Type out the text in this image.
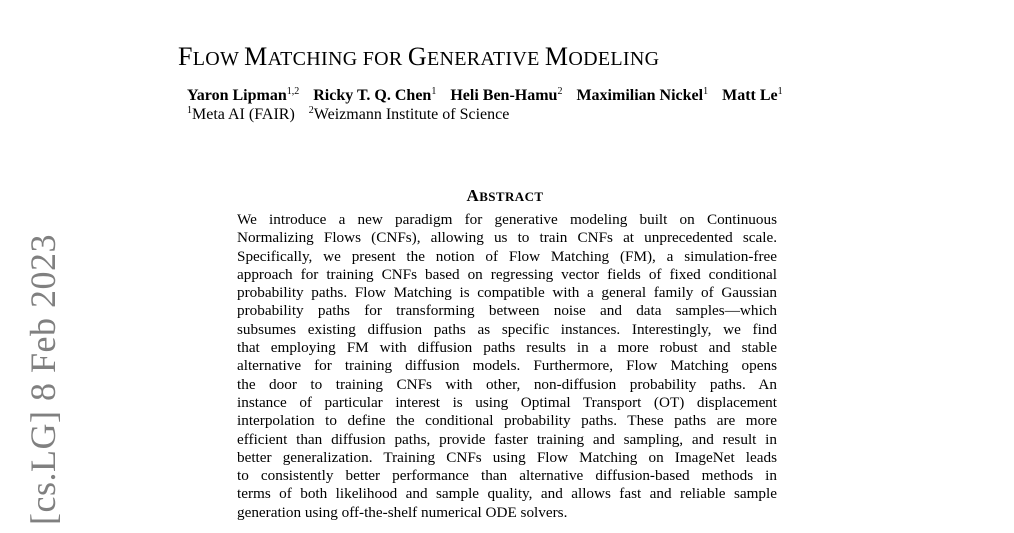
FLOW MATCHING FOR GENERATIVE MODELING
Yaron Lipman$^{1,2}$ Ricky T. Q. Chen$^1$ Heli Ben-Hamu$^2$ Maximilian Nickel$^1$ Matt Le$^1$
$^1$Meta AI (FAIR) $^2$Weizmann Institute of Science
ABSTRACT
We introduce a new paradigm for generative modeling built on Continuous
Normalizing Flows (CNFs), allowing us to train CNFs at unprecedented scale.
Specifically, we present the notion of Flow Matching (FM), a simulation-free
approach for training CNFs based on regressing vector fields of fixed conditional
probability paths. Flow Matching is compatible with a general family of Gaussian
probability paths for transforming between noise and data samples—which
subsumes existing diffusion paths as specific instances. Interestingly, we find
that employing FM with diffusion paths results in a more robust and stable
alternative for training diffusion models. Furthermore, Flow Matching opens
the door to training CNFs with other, non-diffusion probability paths. An
instance of particular interest is using Optimal Transport (OT) displacement
interpolation to define the conditional probability paths. These paths are more
efficient than diffusion paths, provide faster training and sampling, and result in
better generalization. Training CNFs using Flow Matching on ImageNet leads
to consistently better performance than alternative diffusion-based methods in
terms of both likelihood and sample quality, and allows fast and reliable sample
generation using off-the-shelf numerical ODE solvers.
[cs.LG] 8 Feb 2023
